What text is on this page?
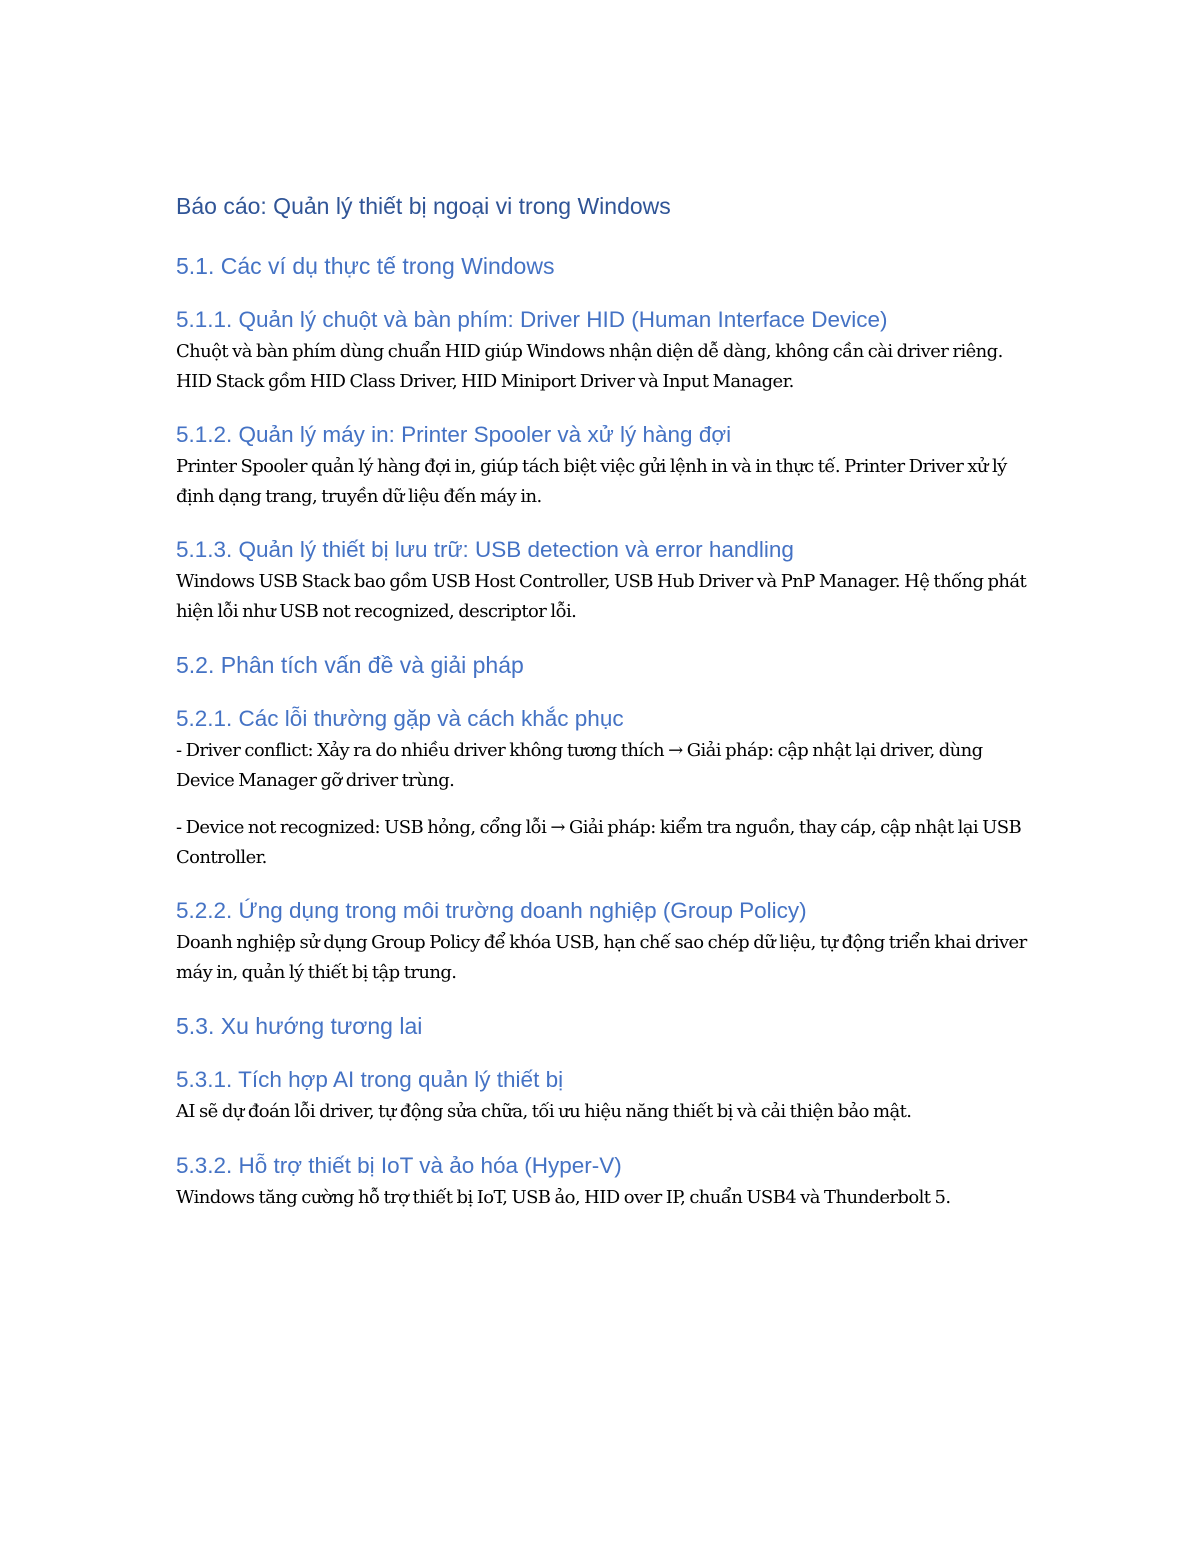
Báo cáo: Quản lý thiết bị ngoại vi trong Windows
5.1. Các ví dụ thực tế trong Windows
5.1.1. Quản lý chuột và bàn phím: Driver HID (Human Interface Device)

Chuột và bàn phím dùng chuẩn HID giúp Windows nhận diện dễ dàng, không cần cài driver riêng. HID Stack gồm HID Class Driver, HID Miniport Driver và Input Manager.

5.1.2. Quản lý máy in: Printer Spooler và xử lý hàng đợi

Printer Spooler quản lý hàng đợi in, giúp tách biệt việc gửi lệnh in và in thực tế. Printer Driver xử lý định dạng trang, truyền dữ liệu đến máy in.

5.1.3. Quản lý thiết bị lưu trữ: USB detection và error handling

Windows USB Stack bao gồm USB Host Controller, USB Hub Driver và PnP Manager. Hệ thống phát hiện lỗi như USB not recognized, descriptor lỗi.

5.2. Phân tích vấn đề và giải pháp
5.2.1. Các lỗi thường gặp và cách khắc phục

- Driver conflict: Xảy ra do nhiều driver không tương thích → Giải pháp: cập nhật lại driver, dùng Device Manager gỡ driver trùng.

- Device not recognized: USB hỏng, cổng lỗi → Giải pháp: kiểm tra nguồn, thay cáp, cập nhật lại USB Controller.

5.2.2. Ứng dụng trong môi trường doanh nghiệp (Group Policy)

Doanh nghiệp sử dụng Group Policy để khóa USB, hạn chế sao chép dữ liệu, tự động triển khai driver máy in, quản lý thiết bị tập trung.

5.3. Xu hướng tương lai
5.3.1. Tích hợp AI trong quản lý thiết bị

AI sẽ dự đoán lỗi driver, tự động sửa chữa, tối ưu hiệu năng thiết bị và cải thiện bảo mật.

5.3.2. Hỗ trợ thiết bị IoT và ảo hóa (Hyper-V)

Windows tăng cường hỗ trợ thiết bị IoT, USB ảo, HID over IP, chuẩn USB4 và Thunderbolt 5.
